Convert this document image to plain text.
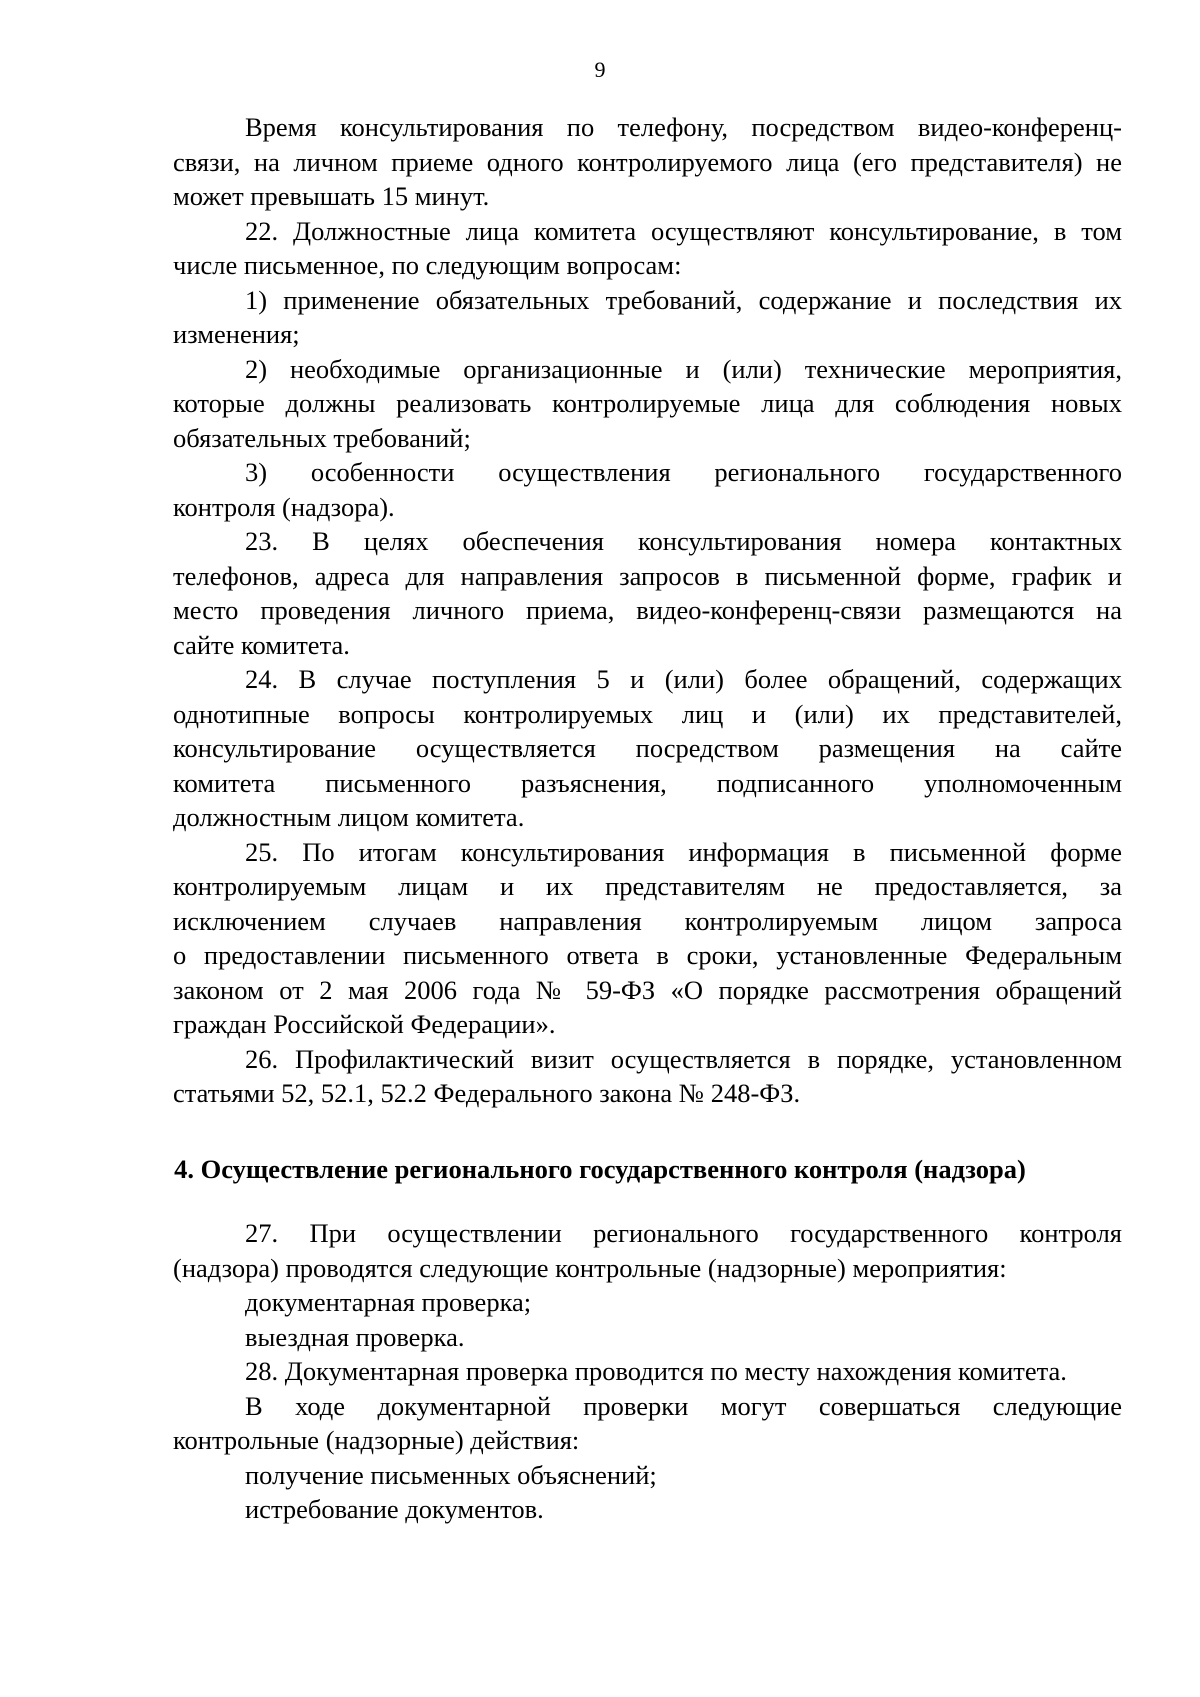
9
Время консультирования по телефону, посредством видео-конференц-
связи, на личном приеме одного контролируемого лица (его представителя) не
может превышать 15 минут.
22. Должностные лица комитета осуществляют консультирование, в том
числе письменное, по следующим вопросам:
1) применение обязательных требований, содержание и последствия их
изменения;
2) необходимые организационные и (или) технические мероприятия,
которые должны реализовать контролируемые лица для соблюдения новых
обязательных требований;
3) особенности осуществления регионального государственного
контроля (надзора).
23. В целях обеспечения консультирования номера контактных
телефонов, адреса для направления запросов в письменной форме, график и
место проведения личного приема, видео-конференц-связи размещаются на
сайте комитета.
24. В случае поступления 5 и (или) более обращений, содержащих
однотипные вопросы контролируемых лиц и (или) их представителей,
консультирование осуществляется посредством размещения на сайте
комитета письменного разъяснения, подписанного уполномоченным
должностным лицом комитета.
25. По итогам консультирования информация в письменной форме
контролируемым лицам и их представителям не предоставляется, за
исключением случаев направления контролируемым лицом запроса
о предоставлении письменного ответа в сроки, установленные Федеральным
законом от 2 мая 2006 года № 59-ФЗ «О порядке рассмотрения обращений
граждан Российской Федерации».
26. Профилактический визит осуществляется в порядке, установленном
статьями 52, 52.1, 52.2 Федерального закона № 248-ФЗ.
4. Осуществление регионального государственного контроля (надзора)
27. При осуществлении регионального государственного контроля
(надзора) проводятся следующие контрольные (надзорные) мероприятия:
документарная проверка;
выездная проверка.
28. Документарная проверка проводится по месту нахождения комитета.
В ходе документарной проверки могут совершаться следующие
контрольные (надзорные) действия:
получение письменных объяснений;
истребование документов.
